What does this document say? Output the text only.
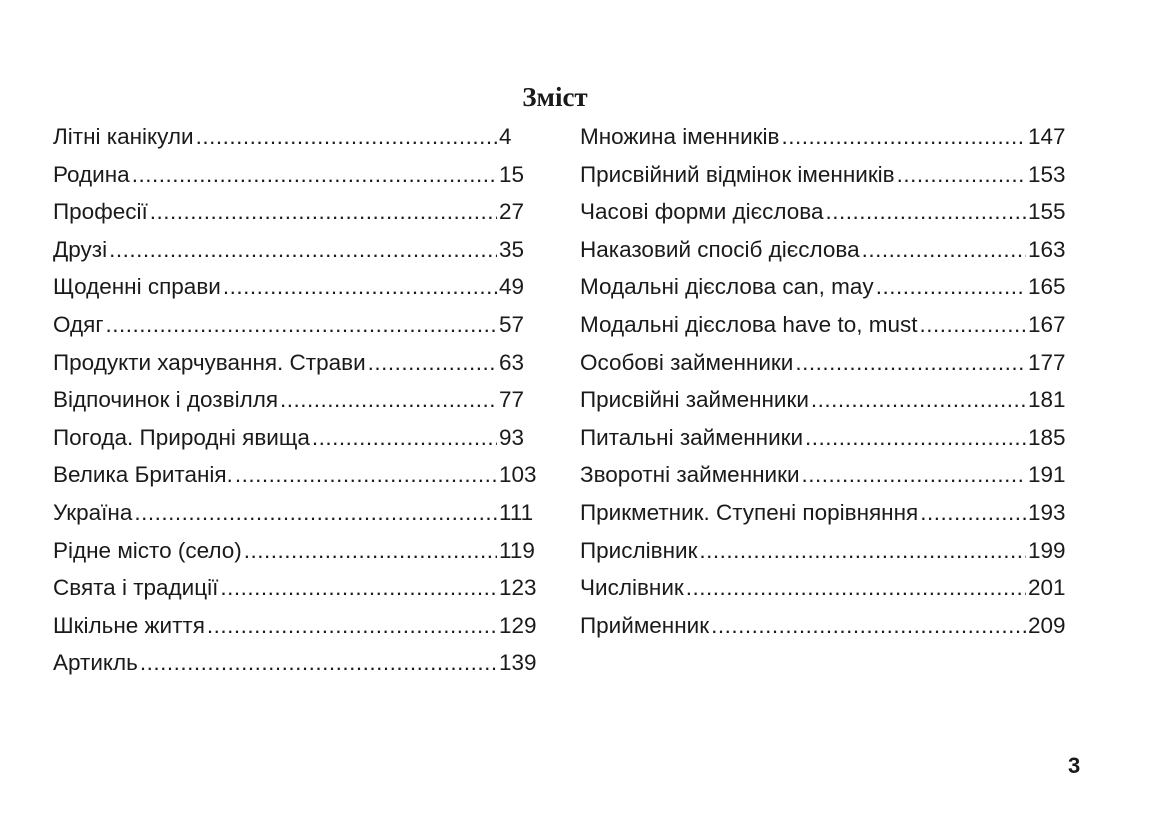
Зміст
Літні канікули .....	4
Родина .....	15
Професії .....	27
Друзі .....	35
Щоденні справи .....	49
Одяг .....	57
Продукти харчування. Страви .....	63
Відпочинок і дозвілля .....	77
Погода. Природні явища .....	93
Велика Британія. .....	103
Україна .....	111
Рідне місто (село) .....	119
Свята і традиції .....	123
Шкільне життя .....	129
Артикль .....	139
Множина іменників .....	147
Присвійний відмінок іменників .....	153
Часові форми дієслова .....	155
Наказовий спосіб дієслова .....	163
Модальні дієслова can, may .....	165
Модальні дієслова have to, must .....	167
Особові займенники .....	177
Присвійні займенники .....	181
Питальні займенники .....	185
Зворотні займенники .....	191
Прикметник. Ступені порівняння .....	193
Прислівник .....	199
Числівник .....	201
Прийменник .....	209
3
